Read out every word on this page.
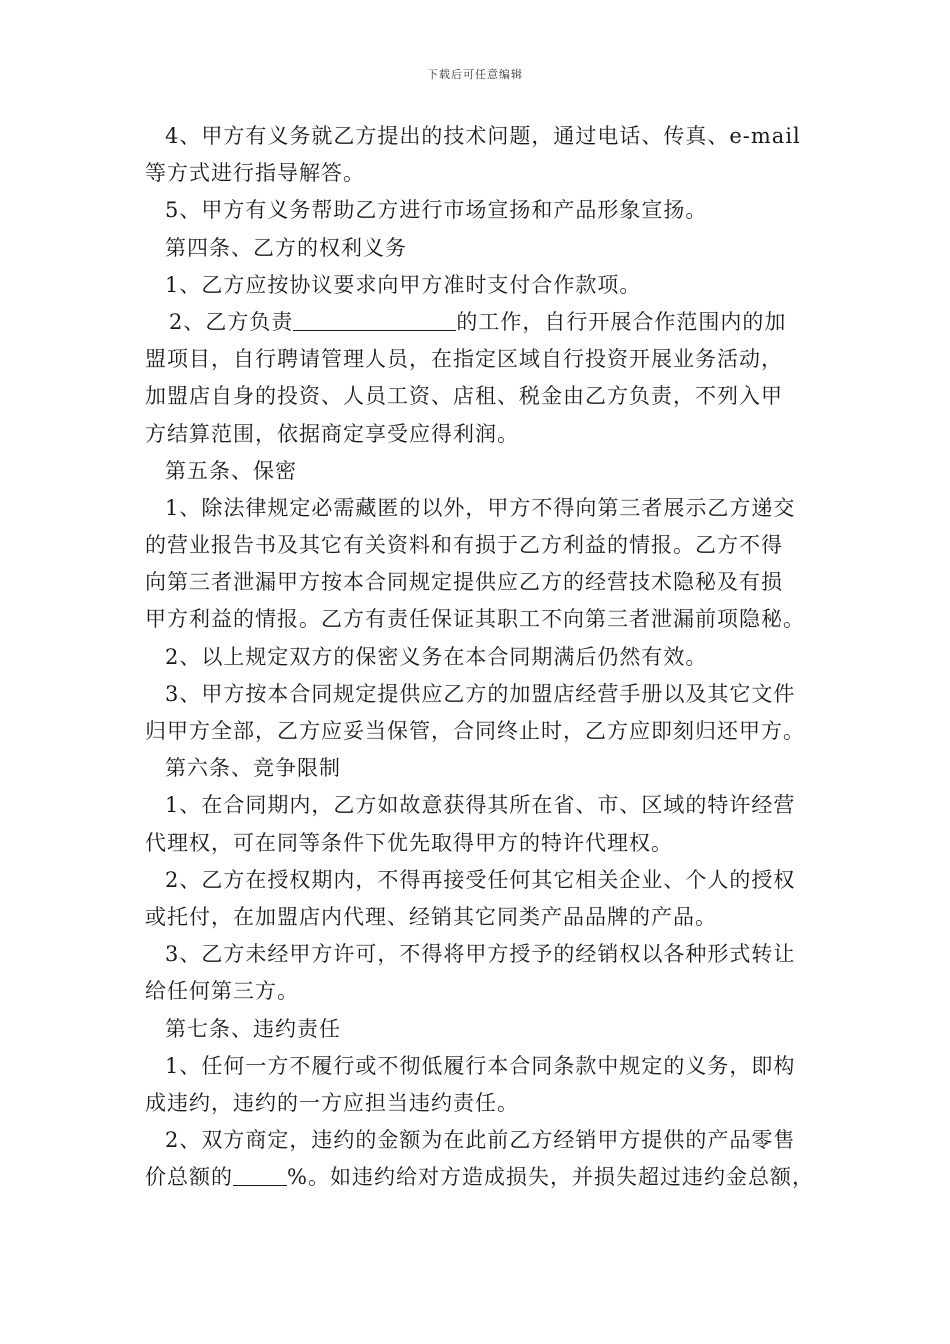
下载后可任意编辑
4、甲方有义务就乙方提出的技术问题，通过电话、传真、e-mail
等方式进行指导解答。
5、甲方有义务帮助乙方进行市场宣扬和产品形象宣扬。
第四条、乙方的权利义务
1、乙方应按协议要求向甲方准时支付合作款项。
2、乙方负责	的工作，自行开展合作范围内的加
盟项目，自行聘请管理人员，在指定区域自行投资开展业务活动，
加盟店自身的投资、人员工资、店租、税金由乙方负责，不列入甲
方结算范围，依据商定享受应得利润。
第五条、保密
1、除法律规定必需藏匿的以外，甲方不得向第三者展示乙方递交
的营业报告书及其它有关资料和有损于乙方利益的情报。乙方不得
向第三者泄漏甲方按本合同规定提供应乙方的经营技术隐秘及有损
甲方利益的情报。乙方有责任保证其职工不向第三者泄漏前项隐秘。
2、以上规定双方的保密义务在本合同期满后仍然有效。
3、甲方按本合同规定提供应乙方的加盟店经营手册以及其它文件
归甲方全部，乙方应妥当保管，合同终止时，乙方应即刻归还甲方。
第六条、竞争限制
1、在合同期内，乙方如故意获得其所在省、市、区域的特许经营
代理权，可在同等条件下优先取得甲方的特许代理权。
2、乙方在授权期内，不得再接受任何其它相关企业、个人的授权
或托付，在加盟店内代理、经销其它同类产品品牌的产品。
3、乙方未经甲方许可，不得将甲方授予的经销权以各种形式转让
给任何第三方。
第七条、违约责任
1、任何一方不履行或不彻低履行本合同条款中规定的义务，即构
成违约，违约的一方应担当违约责任。
2、双方商定，违约的金额为在此前乙方经销甲方提供的产品零售
价总额的	%。如违约给对方造成损失，并损失超过违约金总额，
